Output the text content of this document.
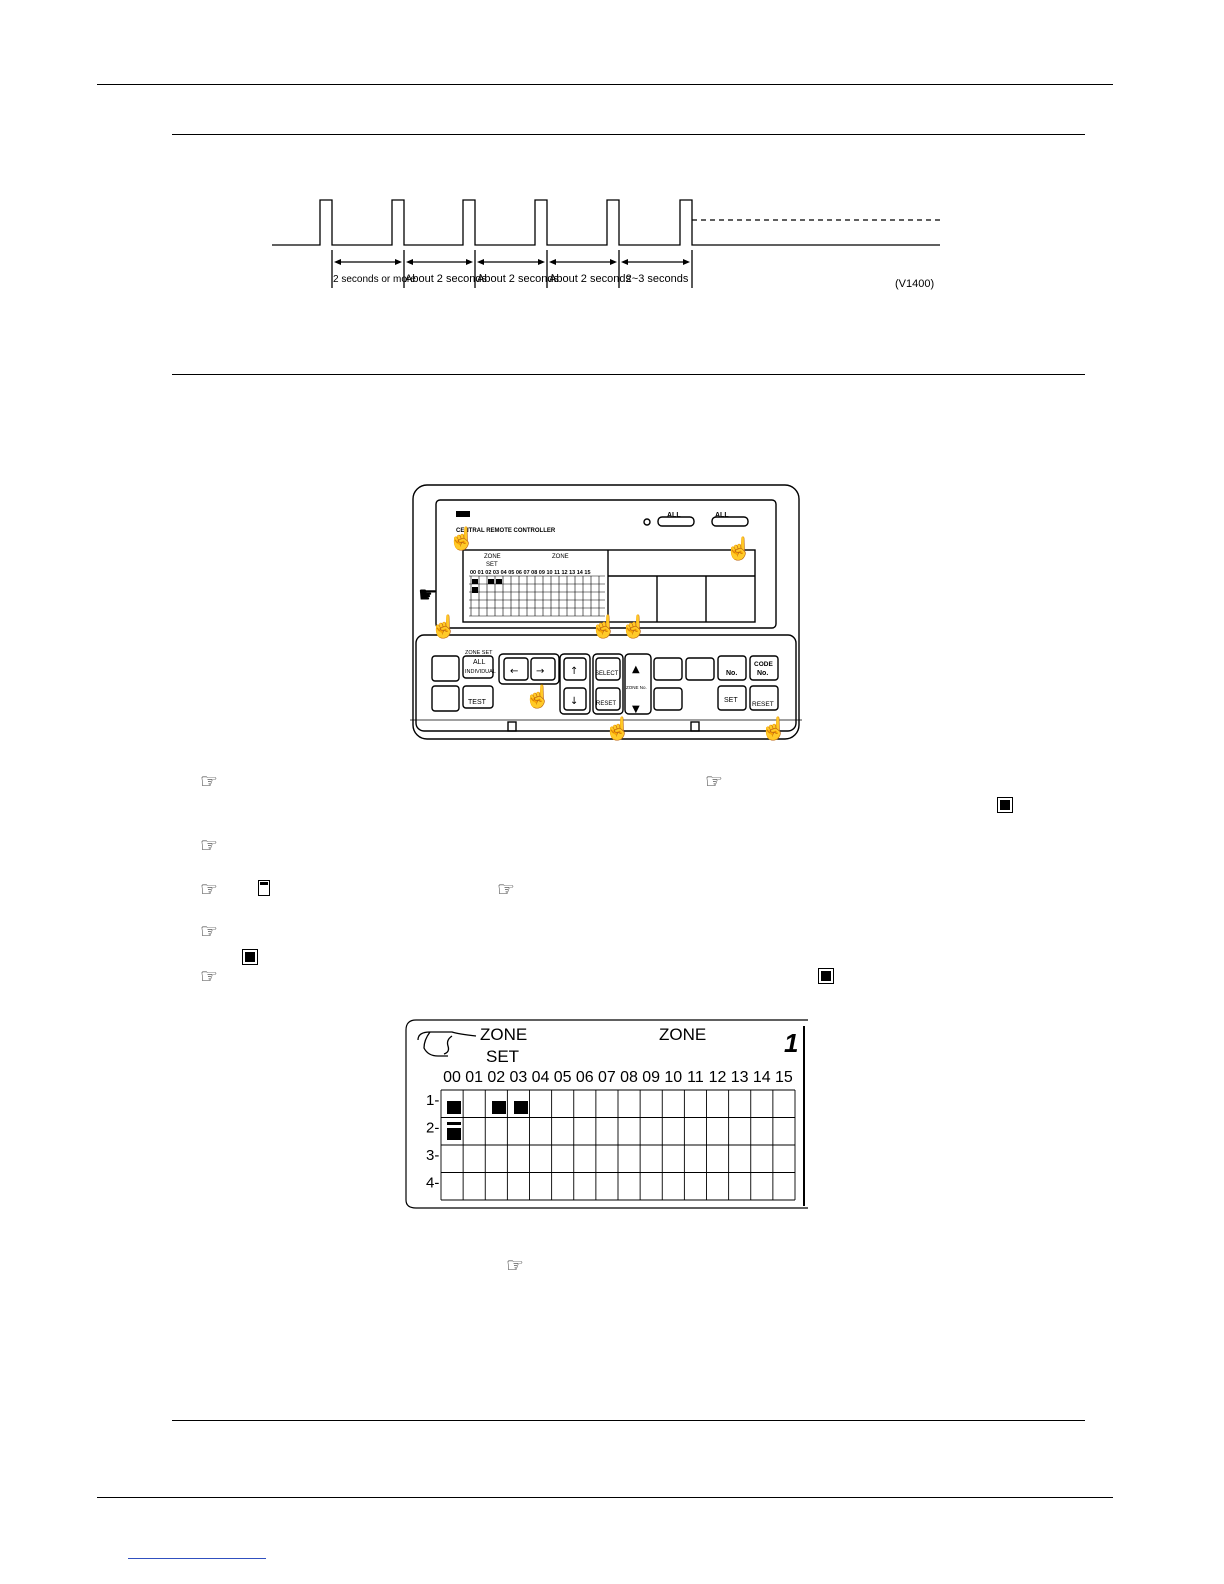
2 seconds or more
About 2 seconds
About 2 seconds
About 2 seconds
2~3 seconds	(V1400)
CENTRAL REMOTE CONTROLLER
ALL	ALL
ZONE
SET
ZONE
00 01 02 03 04 05 06 07 08 09 10 11 12 13 14 15
ZONE SET
ALL
INDIVIDUAL
TEST
SELECT
RESET
ZONE No.
No.
CODE
No.
SET
RESET
← →	↑
↓
▲
▼
☝	☝
☛
☝	☝ ☝
☝
☝	☝
☞	☞
☞
☞	☞
☞
☞
☞
ZONE
SET
ZONE	1
00 01 02 03 04 05 06 07 08 09 10 11 12 13 14 15
1-
2-
3-
4-
